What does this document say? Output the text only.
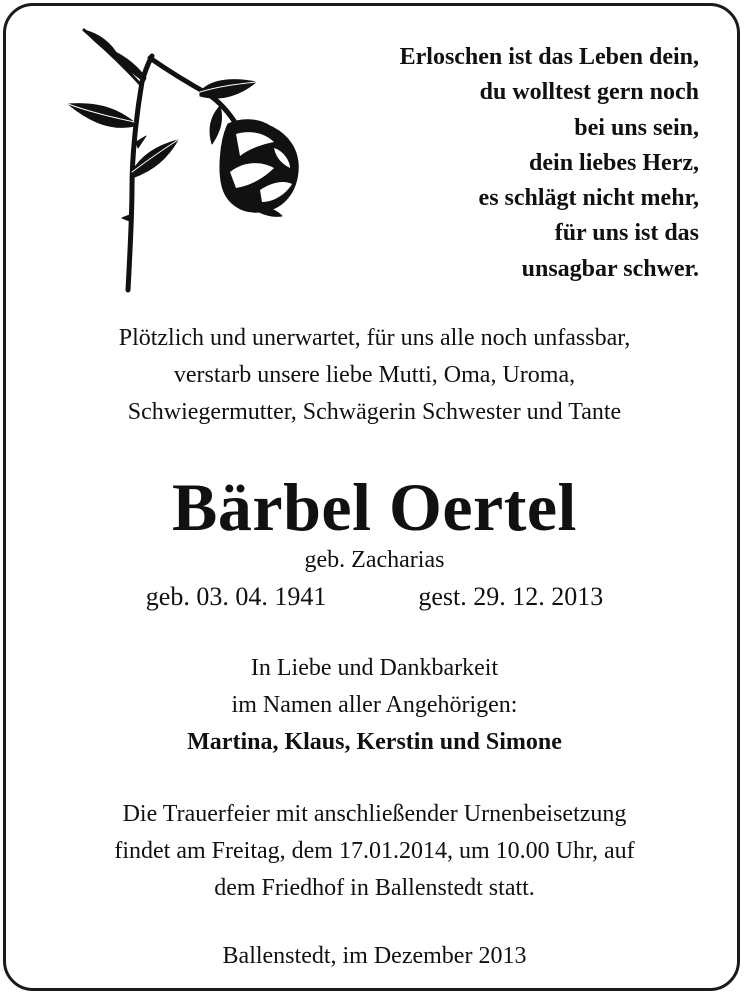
Erloschen ist das Leben dein,
du wolltest gern noch
bei uns sein,
dein liebes Herz,
es schlägt nicht mehr,
für uns ist das
unsagbar schwer.
Plötzlich und unerwartet, für uns alle noch unfassbar,
verstarb unsere liebe Mutti, Oma, Uroma,
Schwiegermutter, Schwägerin Schwester und Tante
Bärbel Oertel
geb. Zacharias
geb. 03. 04. 1941	gest. 29. 12. 2013
In Liebe und Dankbarkeit
im Namen aller Angehörigen:
Martina, Klaus, Kerstin und Simone
Die Trauerfeier mit anschließender Urnenbeisetzung
findet am Freitag, dem 17.01.2014, um 10.00 Uhr, auf
dem Friedhof in Ballenstedt statt.
Ballenstedt, im Dezember 2013
